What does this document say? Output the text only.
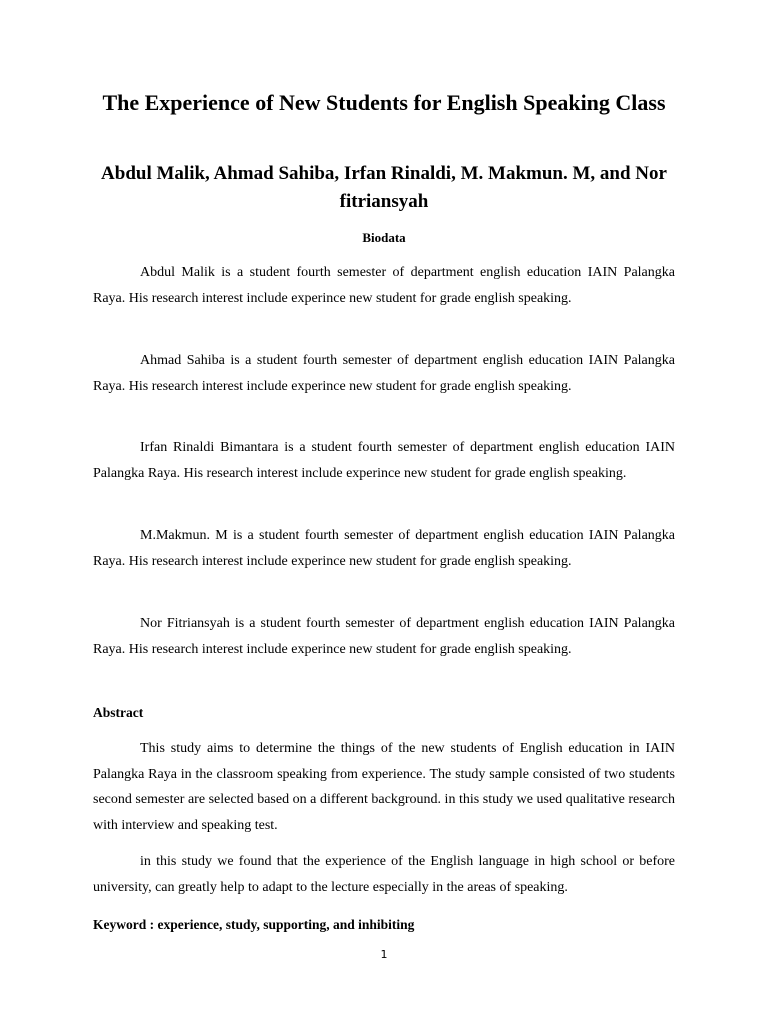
The Experience of New Students for English Speaking Class
Abdul Malik, Ahmad Sahiba, Irfan Rinaldi, M. Makmun. M, and Nor fitriansyah
Biodata

Abdul Malik is a student fourth semester of department english education IAIN Palangka Raya. His research interest include experince new student for grade english speaking.

Ahmad Sahiba is a student fourth semester of department english education IAIN Palangka Raya. His research interest include experince new student for grade english speaking.

Irfan Rinaldi Bimantara is a student fourth semester of department english education IAIN Palangka Raya. His research interest include experince new student for grade english speaking.

M.Makmun. M is a student fourth semester of department english education IAIN Palangka Raya. His research interest include experince new student for grade english speaking.

Nor Fitriansyah is a student fourth semester of department english education IAIN Palangka Raya. His research interest include experince new student for grade english speaking.

Abstract

This study aims to determine the things of the new students of English education in IAIN Palangka Raya in the classroom speaking from experience. The study sample consisted of two students second semester are selected based on a different background. in this study we used qualitative research with interview and speaking test.

in this study we found that the experience of the English language in high school or before university, can greatly help to adapt to the lecture especially in the areas of speaking.

Keyword : experience, study, supporting, and inhibiting

1
